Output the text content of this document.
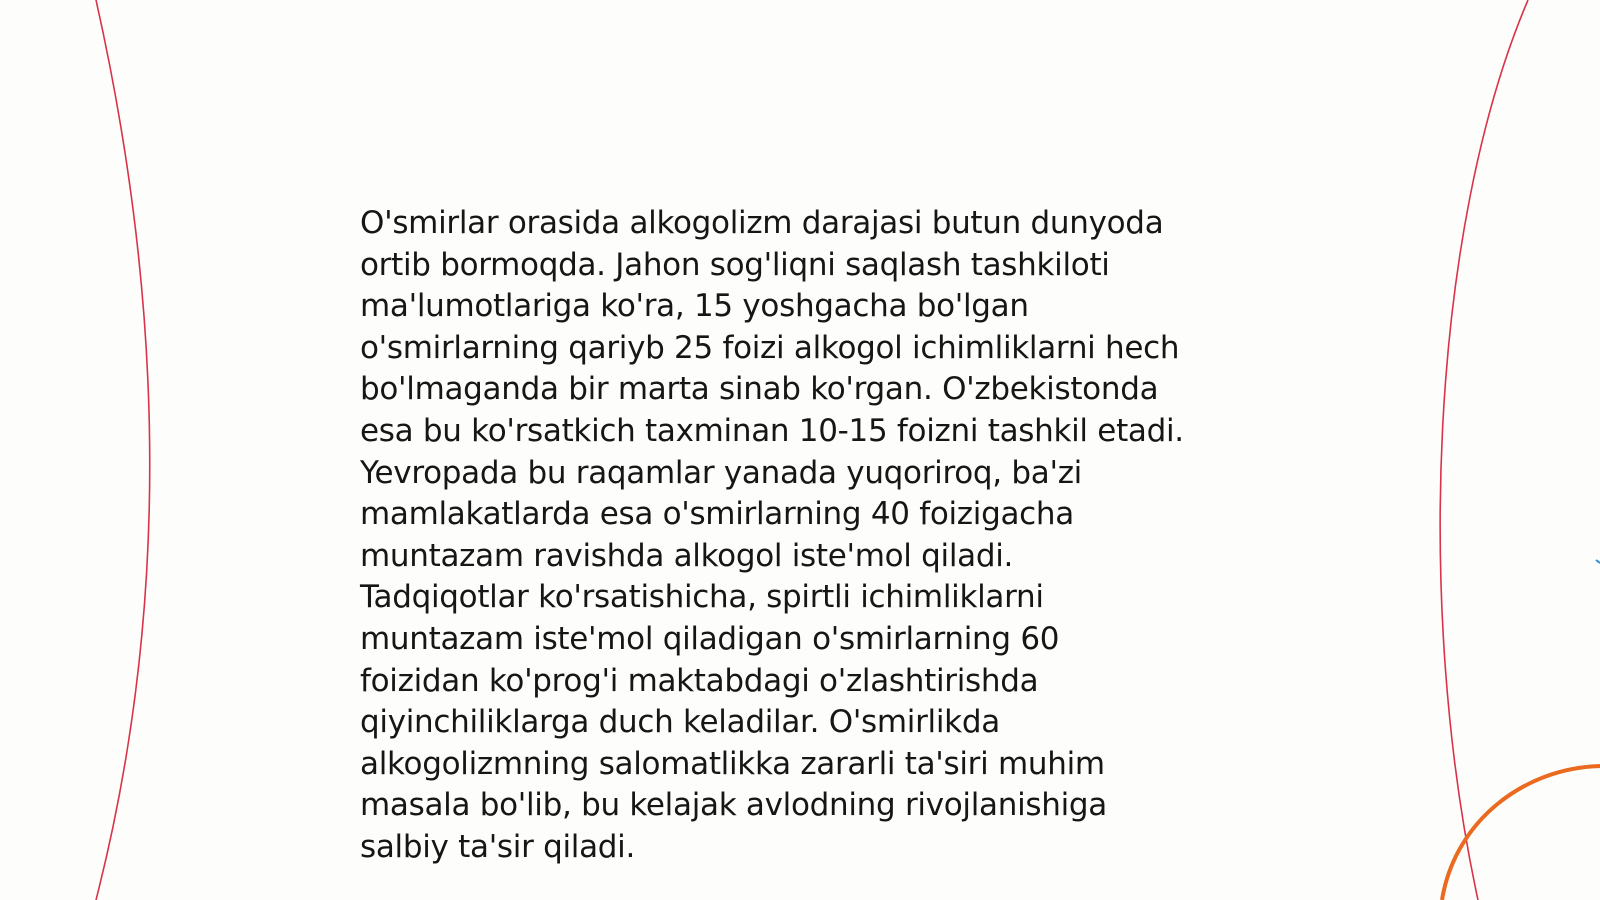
O'smirlar orasida alkogolizm darajasi butun dunyoda
ortib bormoqda. Jahon sog'liqni saqlash tashkiloti
ma'lumotlariga ko'ra, 15 yoshgacha bo'lgan
o'smirlarning qariyb 25 foizi alkogol ichimliklarni hech
bo'lmaganda bir marta sinab ko'rgan. O'zbekistonda
esa bu ko'rsatkich taxminan 10-15 foizni tashkil etadi.
Yevropada bu raqamlar yanada yuqoriroq, ba'zi
mamlakatlarda esa o'smirlarning 40 foizigacha
muntazam ravishda alkogol iste'mol qiladi.
Tadqiqotlar ko'rsatishicha, spirtli ichimliklarni
muntazam iste'mol qiladigan o'smirlarning 60
foizidan ko'prog'i maktabdagi o'zlashtirishda
qiyinchiliklarga duch keladilar. O'smirlikda
alkogolizmning salomatlikka zararli ta'siri muhim
masala bo'lib, bu kelajak avlodning rivojlanishiga
salbiy ta'sir qiladi.
